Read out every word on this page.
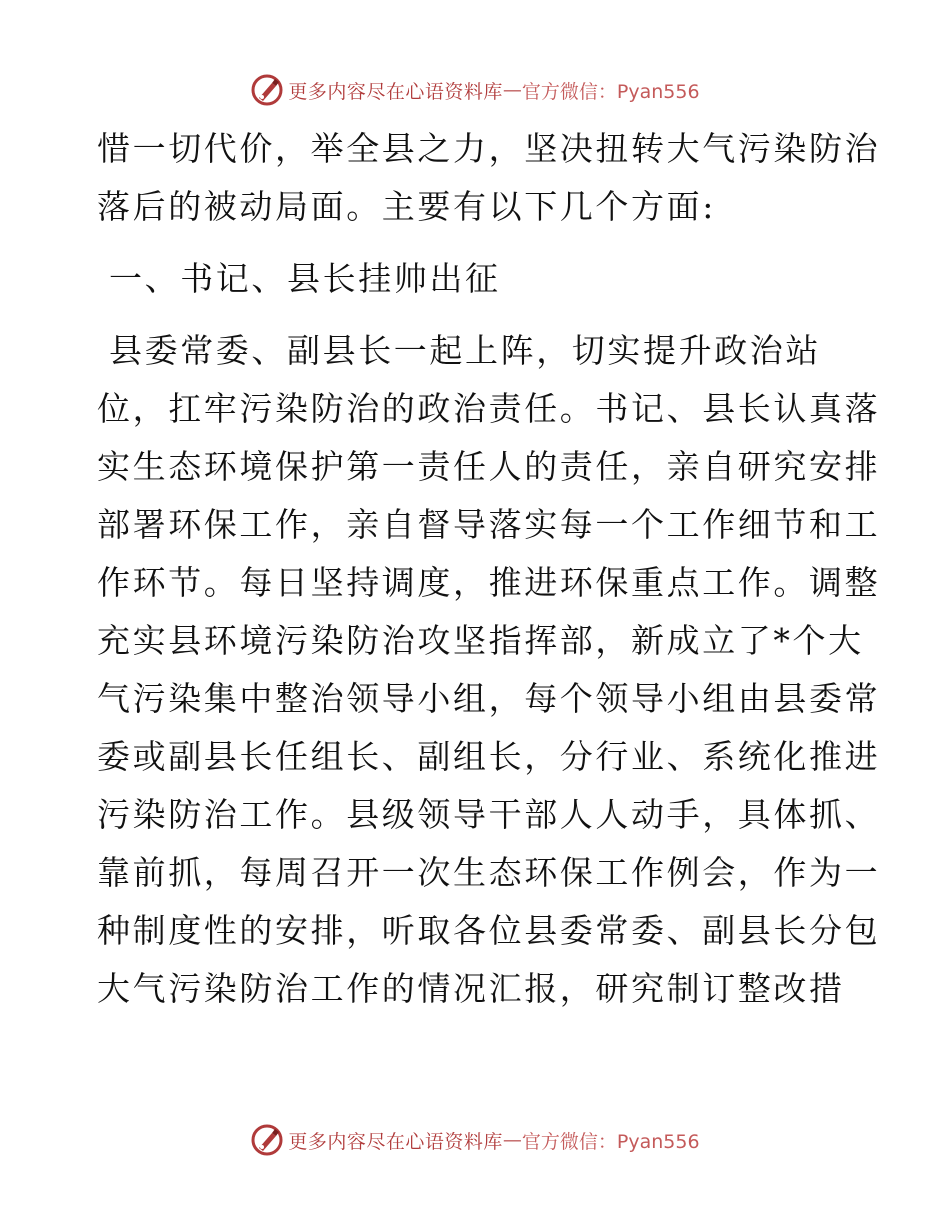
更多内容尽在心语资料库 — 官方微信：Pyan556
惜一切代价，举全县之力，坚决扭转大气污染防治
落后的被动局面。主要有以下几个方面:
一、书记、县长挂帅出征
县委常委、副县长一起上阵，切实提升政治站
位，扛牢污染防治的政治责任。书记、县长认真落
实生态环境保护第一责任人的责任，亲自研究安排
部署环保工作，亲自督导落实每一个工作细节和工
作环节。每日坚持调度，推进环保重点工作。调整
充实县环境污染防治攻坚指挥部，新成立了*个大
气污染集中整治领导小组，每个领导小组由县委常
委或副县长任组长、副组长，分行业、系统化推进
污染防治工作。县级领导干部人人动手，具体抓、
靠前抓，每周召开一次生态环保工作例会，作为一
种制度性的安排，听取各位县委常委、副县长分包
大气污染防治工作的情况汇报，研究制订整改措
更多内容尽在心语资料库 — 官方微信：Pyan556
